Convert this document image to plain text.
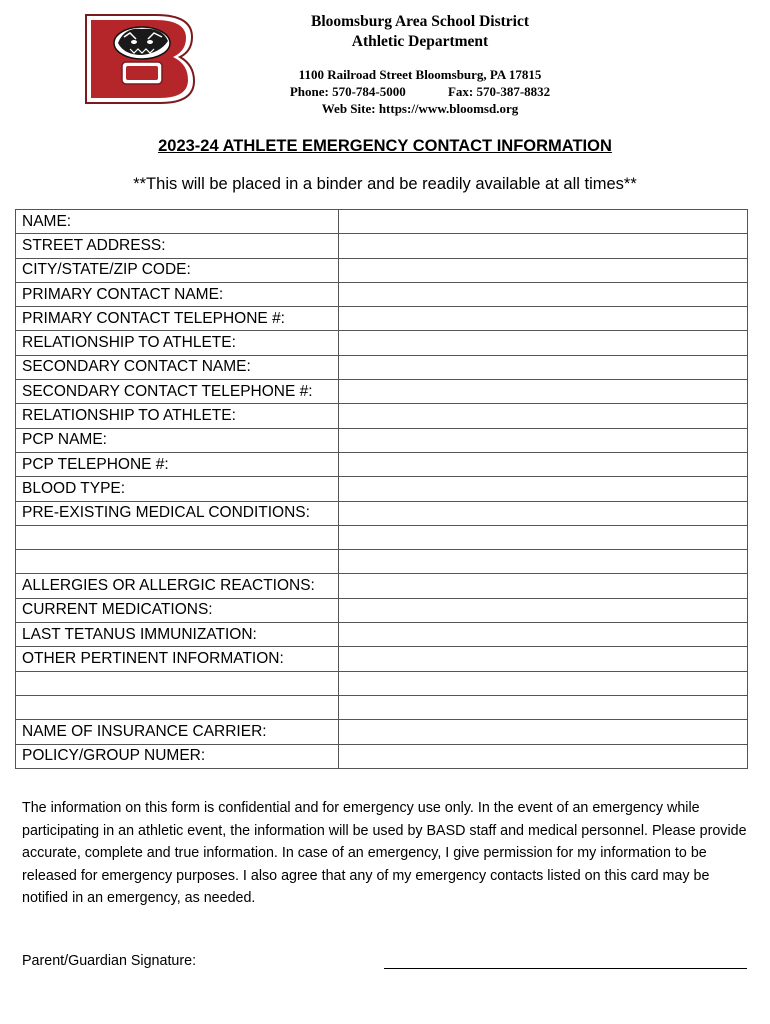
Bloomsburg Area School District
Athletic Department
1100 Railroad Street Bloomsburg, PA 17815
Phone: 570-784-5000             Fax: 570-387-8832
Web Site: https://www.bloomsd.org
2023-24 ATHLETE EMERGENCY CONTACT INFORMATION
**This will be placed in a binder and be readily available at all times**
NAME:	
STREET ADDRESS:	
CITY/STATE/ZIP CODE:	
PRIMARY CONTACT NAME:	
PRIMARY CONTACT TELEPHONE #:	
RELATIONSHIP TO ATHLETE:	
SECONDARY CONTACT NAME:	
SECONDARY CONTACT TELEPHONE #:	
RELATIONSHIP TO ATHLETE:	
PCP NAME:	
PCP TELEPHONE #:	
BLOOD TYPE:	
PRE-EXISTING MEDICAL CONDITIONS:	

ALLERGIES OR ALLERGIC REACTIONS:	
CURRENT MEDICATIONS:	
LAST TETANUS IMMUNIZATION:	
OTHER PERTINENT INFORMATION:	

NAME OF INSURANCE CARRIER:	
POLICY/GROUP NUMER:	
The information on this form is confidential and for emergency use only. In the event of an emergency while participating in an athletic event, the information will be used by BASD staff and medical personnel. Please provide accurate, complete and true information. In case of an emergency, I give permission for my information to be released for emergency purposes. I also agree that any of my emergency contacts listed on this card may be notified in an emergency, as needed.
Parent/Guardian Signature:
